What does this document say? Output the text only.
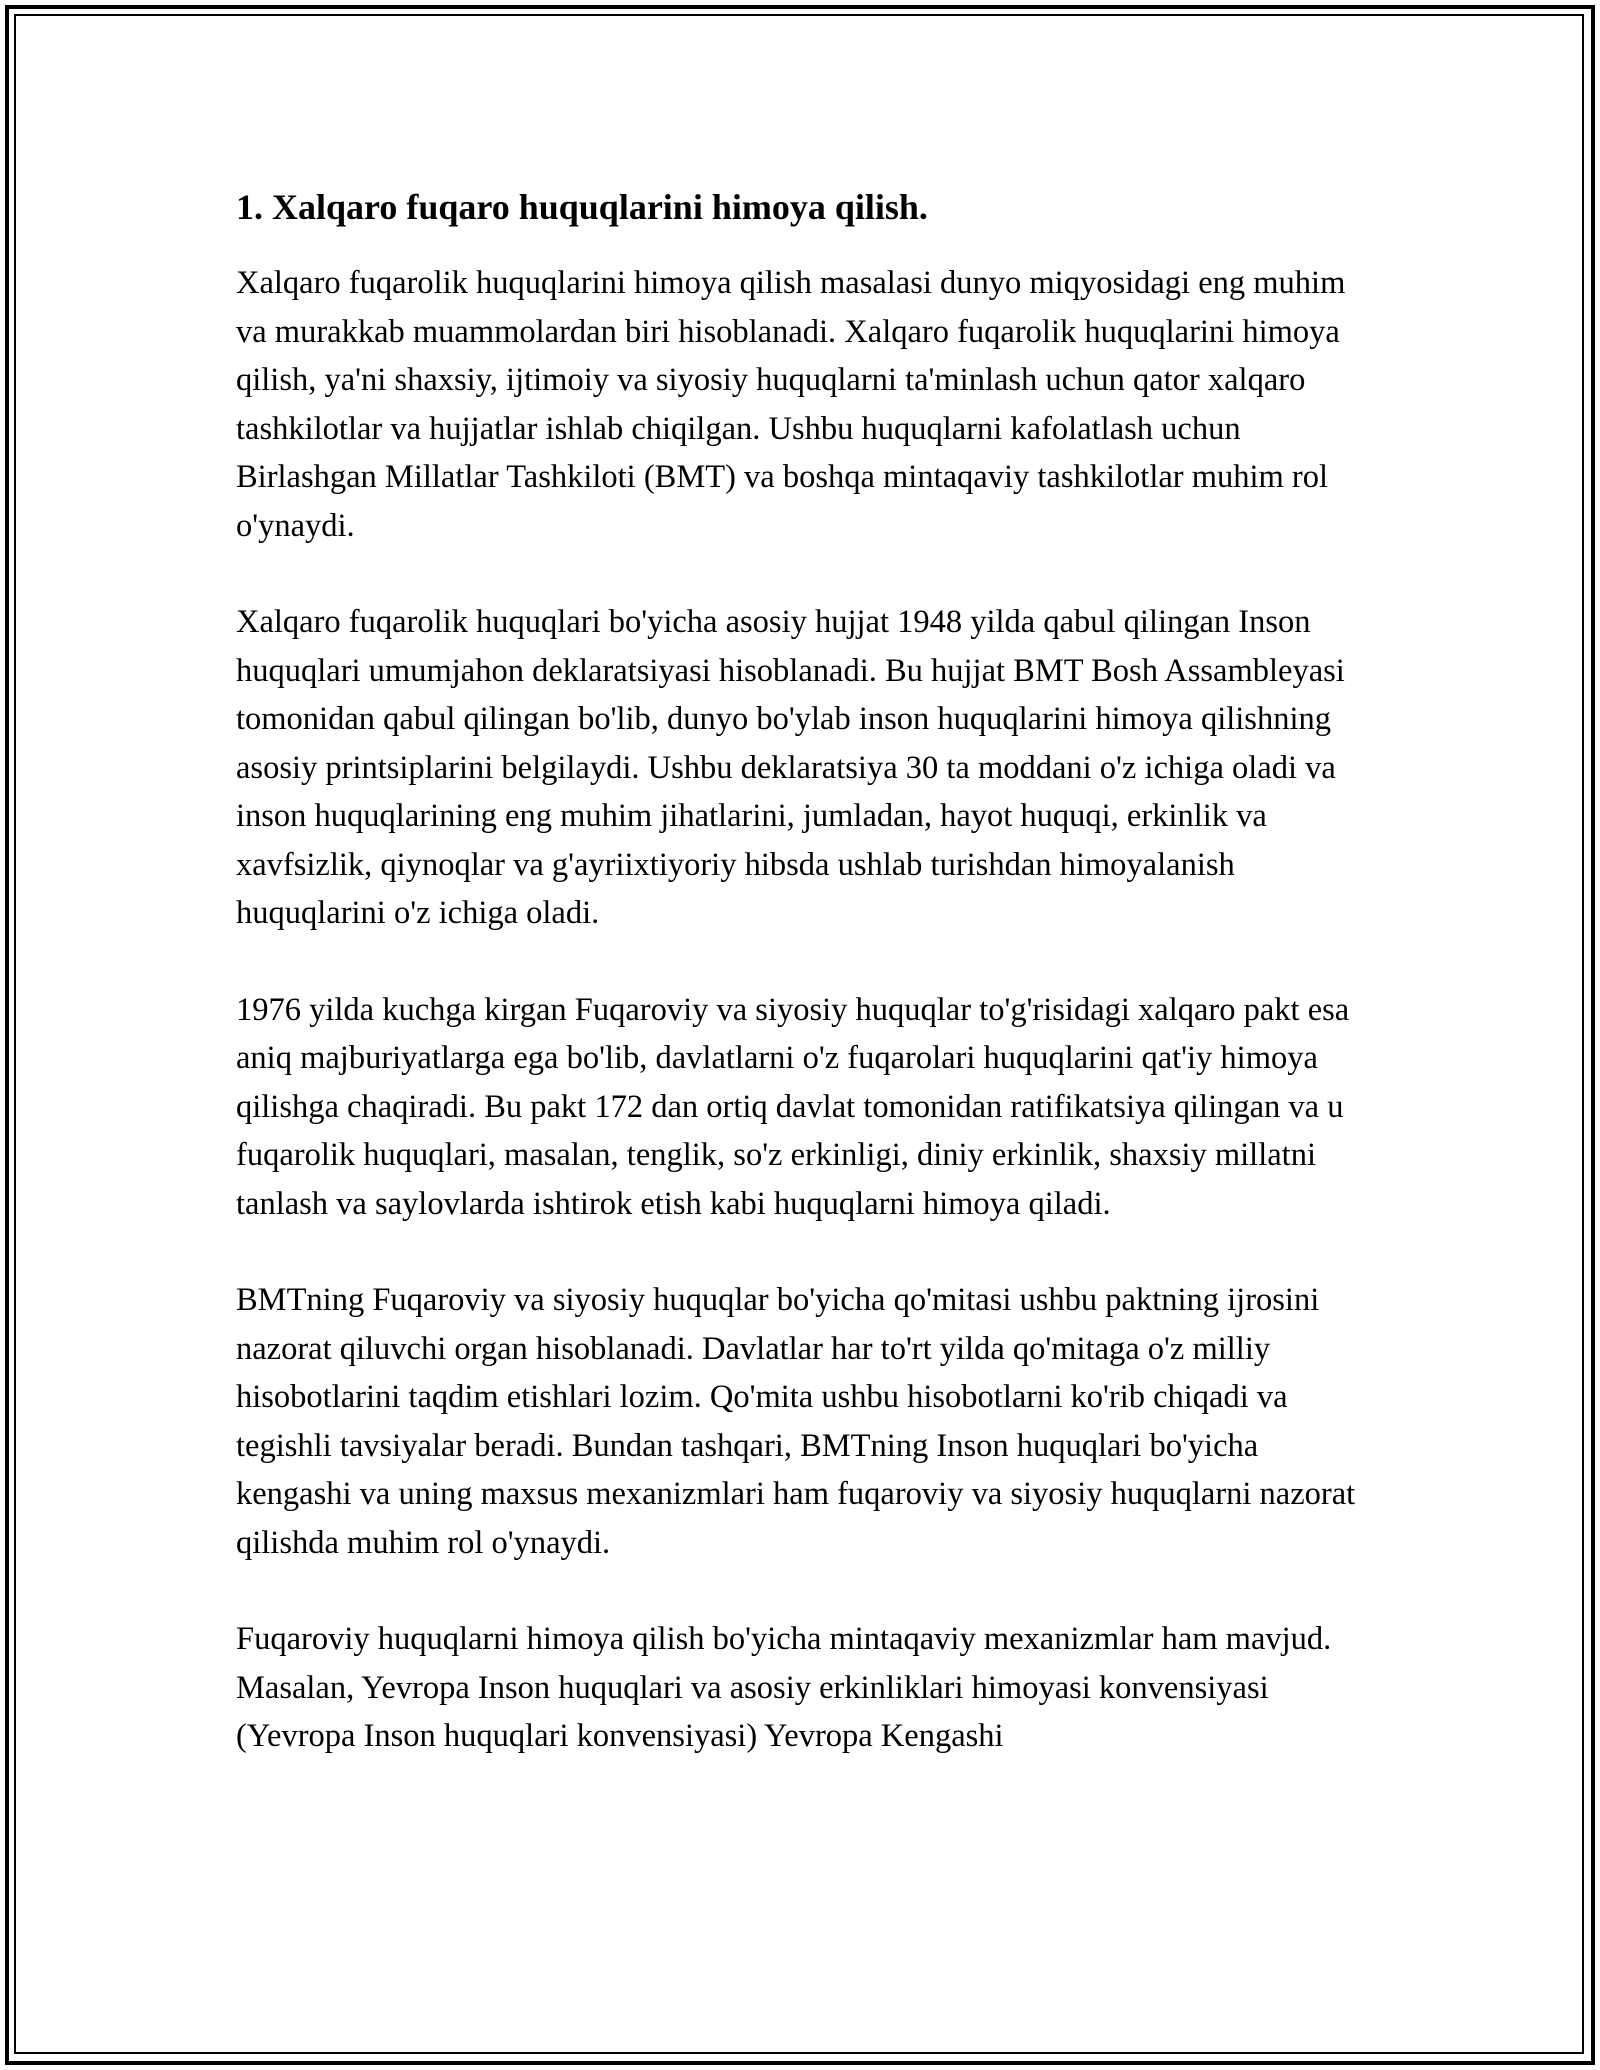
1. Xalqaro fuqaro huquqlarini himoya qilish.

Xalqaro fuqarolik huquqlarini himoya qilish masalasi dunyo miqyosidagi eng muhim va murakkab muammolardan biri hisoblanadi. Xalqaro fuqarolik huquqlarini himoya qilish, ya'ni shaxsiy, ijtimoiy va siyosiy huquqlarni ta'minlash uchun qator xalqaro tashkilotlar va hujjatlar ishlab chiqilgan. Ushbu huquqlarni kafolatlash uchun Birlashgan Millatlar Tashkiloti (BMT) va boshqa mintaqaviy tashkilotlar muhim rol o'ynaydi.

Xalqaro fuqarolik huquqlari bo'yicha asosiy hujjat 1948 yilda qabul qilingan Inson huquqlari umumjahon deklaratsiyasi hisoblanadi. Bu hujjat BMT Bosh Assambleyasi tomonidan qabul qilingan bo'lib, dunyo bo'ylab inson huquqlarini himoya qilishning asosiy printsiplarini belgilaydi. Ushbu deklaratsiya 30 ta moddani o'z ichiga oladi va inson huquqlarining eng muhim jihatlarini, jumladan, hayot huquqi, erkinlik va xavfsizlik, qiynoqlar va g'ayriixtiyoriy hibsda ushlab turishdan himoyalanish huquqlarini o'z ichiga oladi.

1976 yilda kuchga kirgan Fuqaroviy va siyosiy huquqlar to'g'risidagi xalqaro pakt esa aniq majburiyatlarga ega bo'lib, davlatlarni o'z fuqarolari huquqlarini qat'iy himoya qilishga chaqiradi. Bu pakt 172 dan ortiq davlat tomonidan ratifikatsiya qilingan va u fuqarolik huquqlari, masalan, tenglik, so'z erkinligi, diniy erkinlik, shaxsiy millatni tanlash va saylovlarda ishtirok etish kabi huquqlarni himoya qiladi.

BMTning Fuqaroviy va siyosiy huquqlar bo'yicha qo'mitasi ushbu paktning ijrosini nazorat qiluvchi organ hisoblanadi. Davlatlar har to'rt yilda qo'mitaga o'z milliy hisobotlarini taqdim etishlari lozim. Qo'mita ushbu hisobotlarni ko'rib chiqadi va tegishli tavsiyalar beradi. Bundan tashqari, BMTning Inson huquqlari bo'yicha kengashi va uning maxsus mexanizmlari ham fuqaroviy va siyosiy huquqlarni nazorat qilishda muhim rol o'ynaydi.

Fuqaroviy huquqlarni himoya qilish bo'yicha mintaqaviy mexanizmlar ham mavjud. Masalan, Yevropa Inson huquqlari va asosiy erkinliklari himoyasi konvensiyasi (Yevropa Inson huquqlari konvensiyasi) Yevropa Kengashi
